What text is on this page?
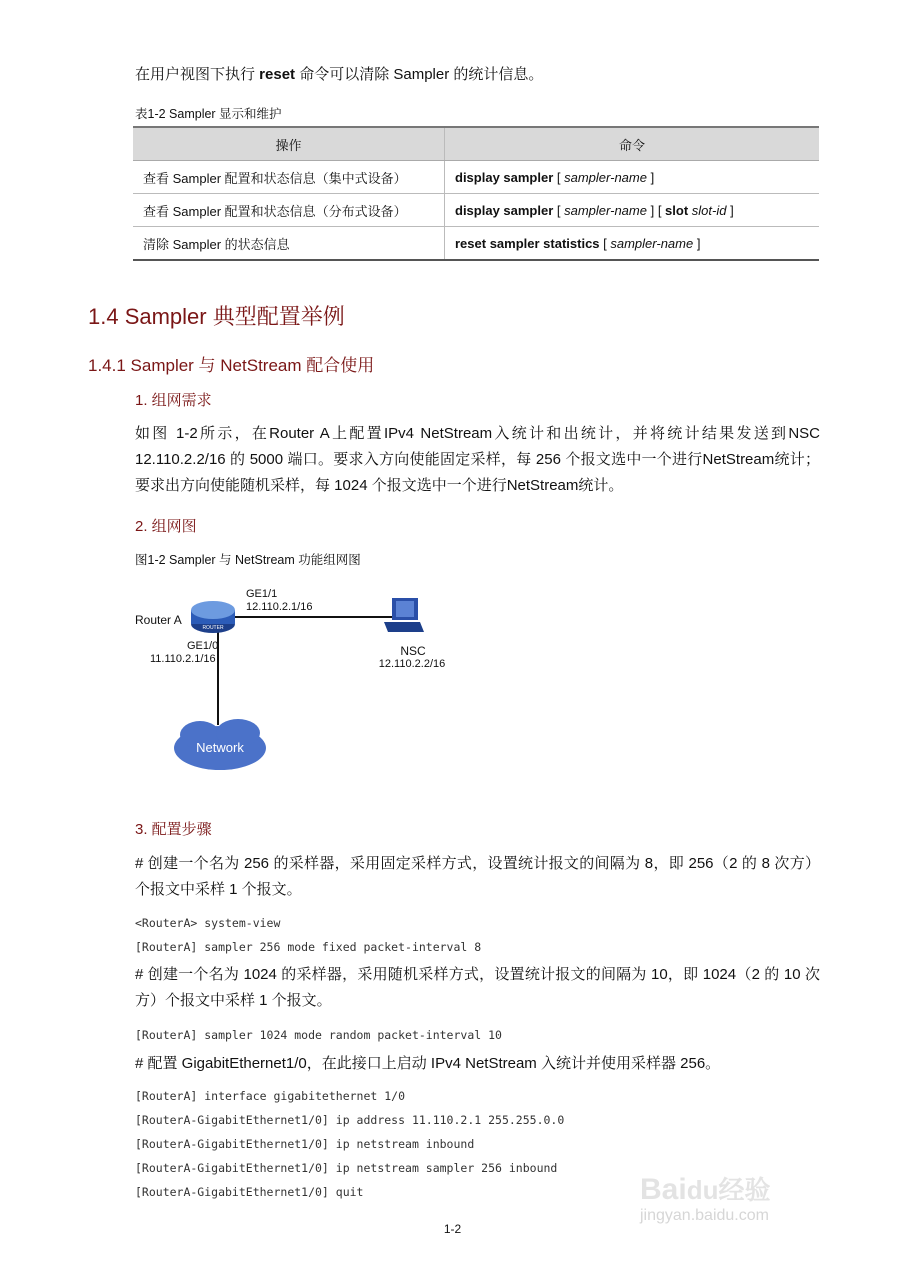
在用户视图下执行 reset 命令可以清除 Sampler 的统计信息。
表1-2 Sampler 显示和维护
操作	命令
查看 Sampler 配置和状态信息（集中式设备）	display sampler [ sampler-name ]
查看 Sampler 配置和状态信息（分布式设备）	display sampler [ sampler-name ] [ slot slot-id ]
清除 Sampler 的状态信息	reset sampler statistics [ sampler-name ]
1.4 Sampler 典型配置举例
1.4.1 Sampler 与 NetStream 配合使用
1. 组网需求
如图 1-2所示，在Router A上配置IPv4 NetStream入统计和出统计，并将统计结果发送到NSC 12.110.2.2/16 的 5000 端口。要求入方向使能固定采样，每 256 个报文选中一个进行NetStream统计；要求出方向使能随机采样，每 1024 个报文选中一个进行NetStream统计。
2. 组网图
图1-2 Sampler 与 NetStream 功能组网图
ROUTER
Network
Router A
GE1/1
12.110.2.1/16
GE1/0
11.110.2.1/16
NSC
12.110.2.2/16
3. 配置步骤
# 创建一个名为 256 的采样器，采用固定采样方式，设置统计报文的间隔为 8，即 256（2 的 8 次方）个报文中采样 1 个报文。
<RouterA> system-view
[RouterA] sampler 256 mode fixed packet-interval 8
# 创建一个名为 1024 的采样器，采用随机采样方式，设置统计报文的间隔为 10，即 1024（2 的 10 次方）个报文中采样 1 个报文。
[RouterA] sampler 1024 mode random packet-interval 10
# 配置 GigabitEthernet1/0，在此接口上启动 IPv4 NetStream 入统计并使用采样器 256。
[RouterA] interface gigabitethernet 1/0
[RouterA-GigabitEthernet1/0] ip address 11.110.2.1 255.255.0.0
[RouterA-GigabitEthernet1/0] ip netstream inbound
[RouterA-GigabitEthernet1/0] ip netstream sampler 256 inbound
[RouterA-GigabitEthernet1/0] quit
1-2
Baidu经验
jingyan.baidu.com
